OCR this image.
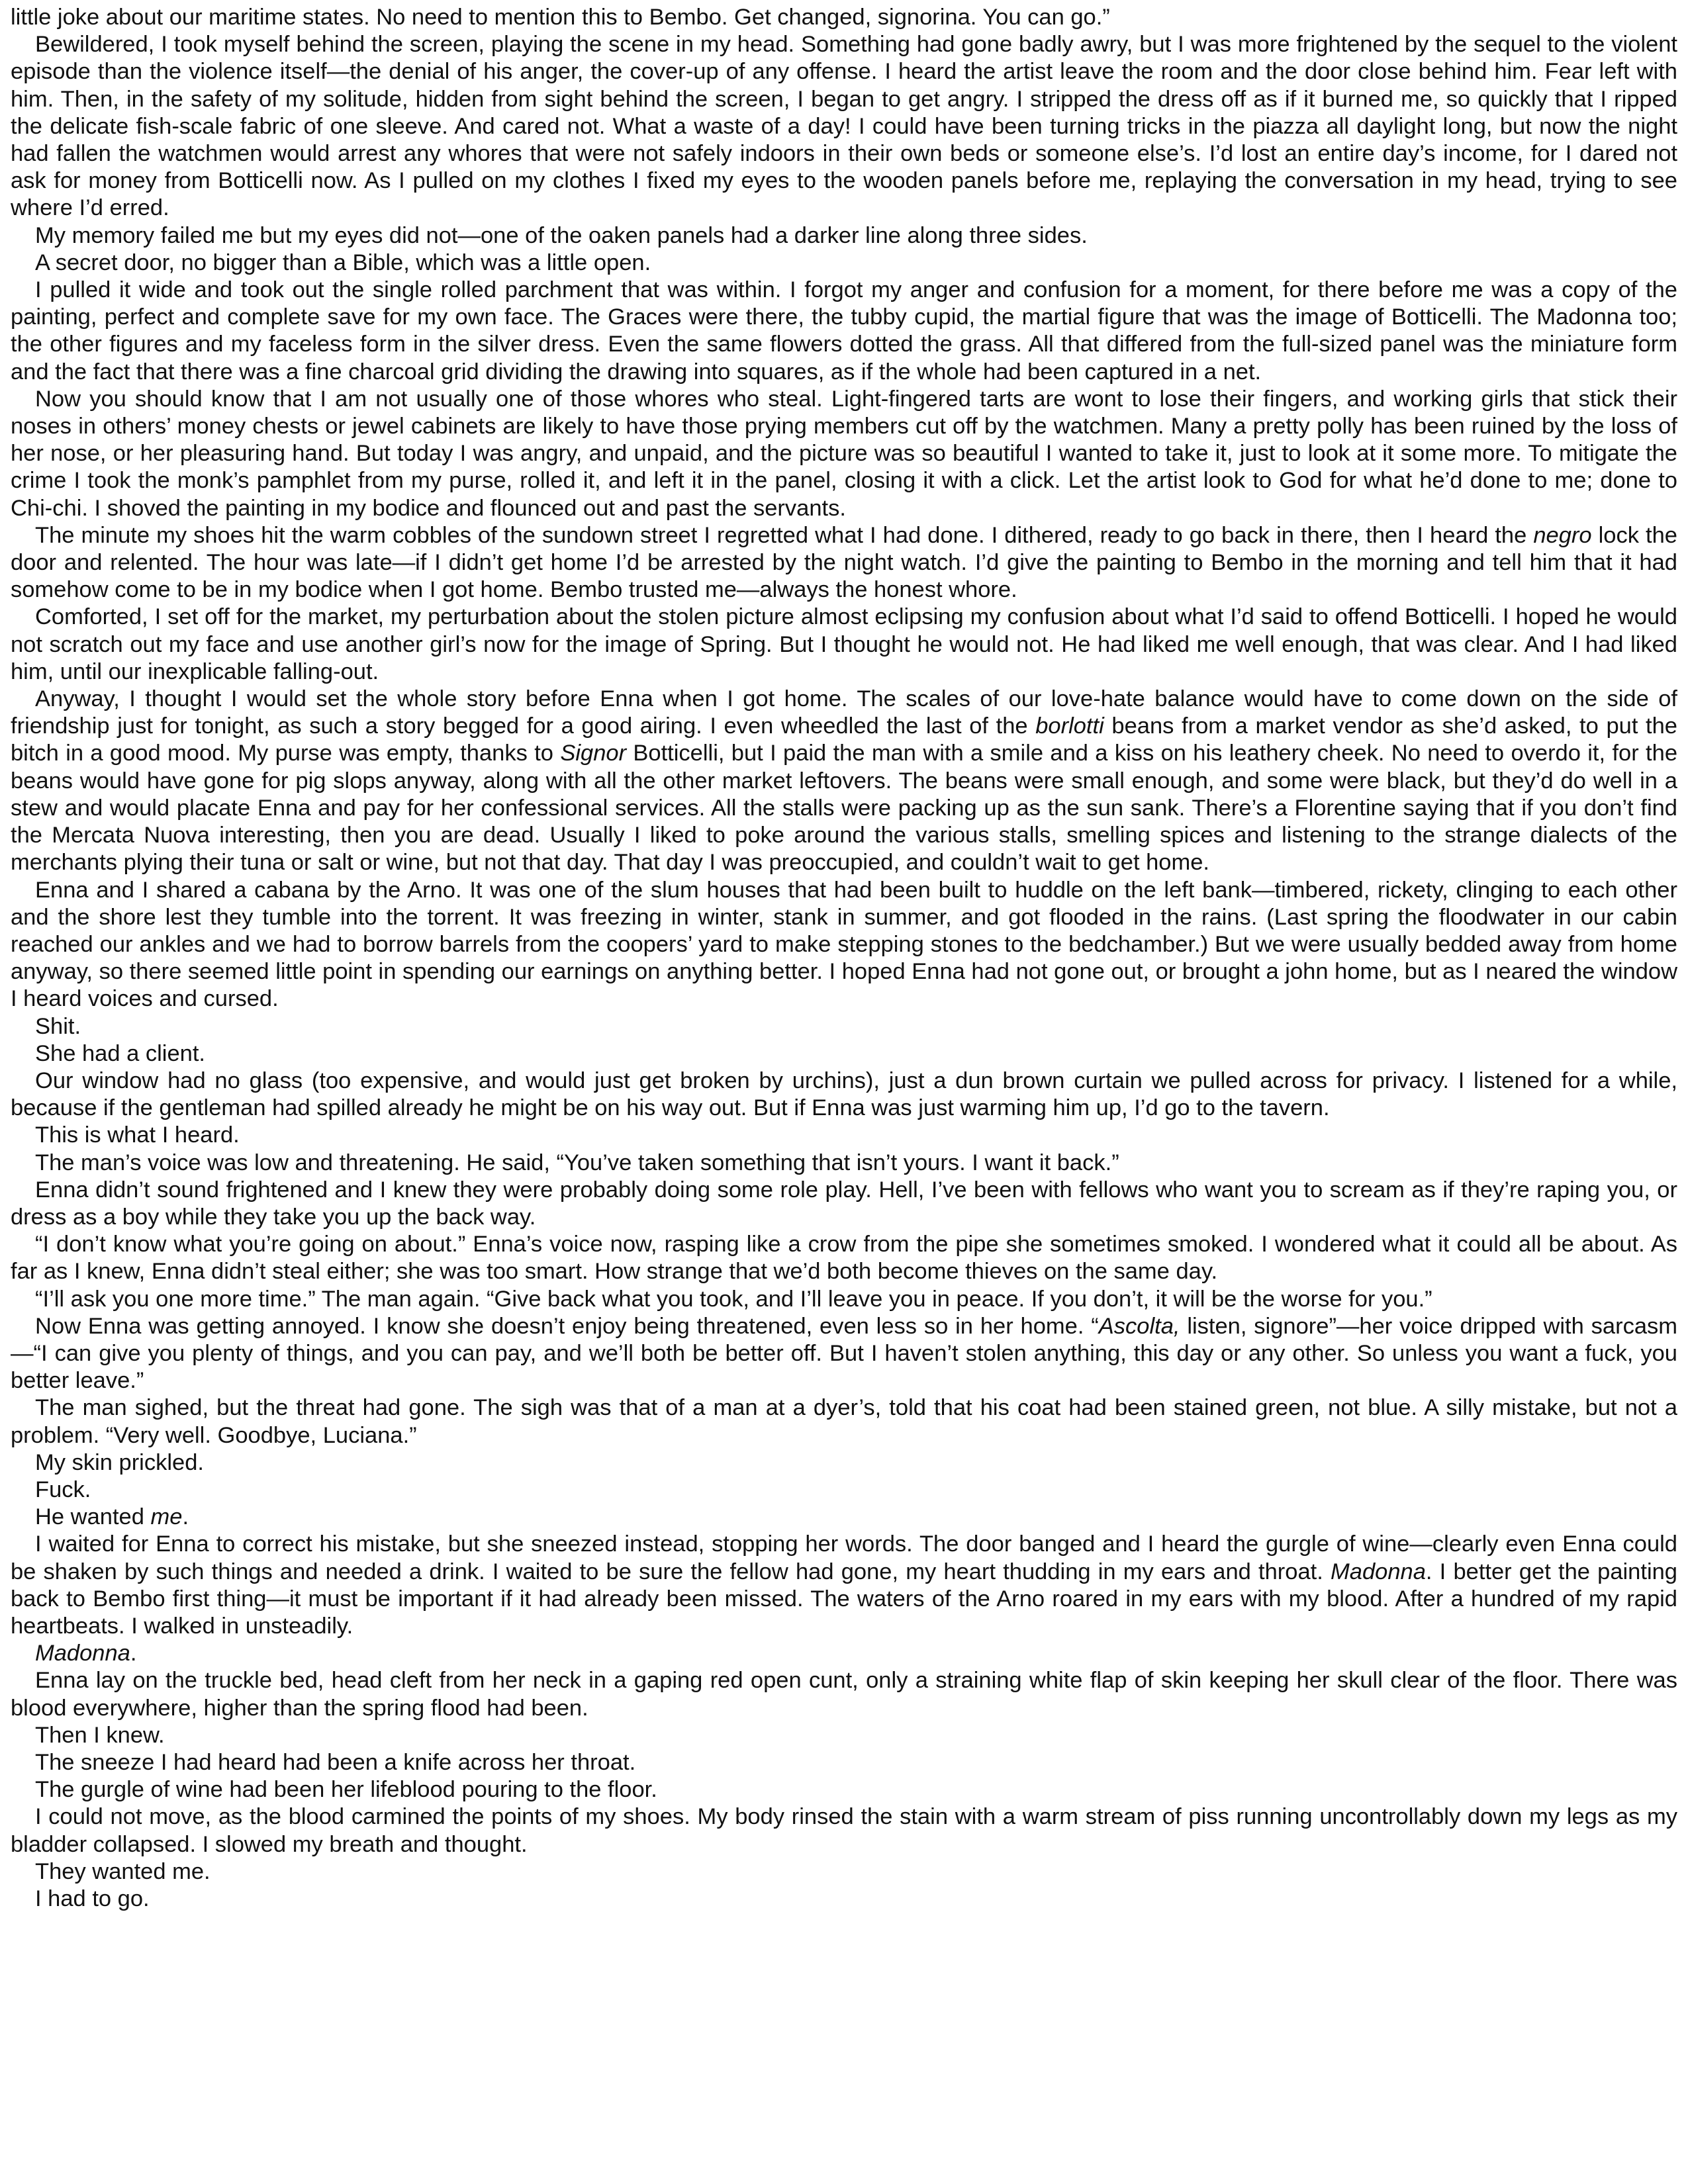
little joke about our maritime states. No need to mention this to Bembo. Get changed, signorina. You can go.”

Bewildered, I took myself behind the screen, playing the scene in my head. Something had gone badly awry, but I was more frightened by the sequel to the violent episode than the violence itself—the denial of his anger, the cover-up of any offense. I heard the artist leave the room and the door close behind him. Fear left with him. Then, in the safety of my solitude, hidden from sight behind the screen, I began to get angry. I stripped the dress off as if it burned me, so quickly that I ripped the delicate fish-scale fabric of one sleeve. And cared not. What a waste of a day! I could have been turning tricks in the piazza all daylight long, but now the night had fallen the watchmen would arrest any whores that were not safely indoors in their own beds or someone else’s. I’d lost an entire day’s income, for I dared not ask for money from Botticelli now. As I pulled on my clothes I fixed my eyes to the wooden panels before me, replaying the conversation in my head, trying to see where I’d erred.

My memory failed me but my eyes did not—one of the oaken panels had a darker line along three sides.

A secret door, no bigger than a Bible, which was a little open.

I pulled it wide and took out the single rolled parchment that was within. I forgot my anger and confusion for a moment, for there before me was a copy of the painting, perfect and complete save for my own face. The Graces were there, the tubby cupid, the martial figure that was the image of Botticelli. The Madonna too; the other figures and my faceless form in the silver dress. Even the same flowers dotted the grass. All that differed from the full-sized panel was the miniature form and the fact that there was a fine charcoal grid dividing the drawing into squares, as if the whole had been captured in a net.

Now you should know that I am not usually one of those whores who steal. Light-fingered tarts are wont to lose their fingers, and working girls that stick their noses in others’ money chests or jewel cabinets are likely to have those prying members cut off by the watchmen. Many a pretty polly has been ruined by the loss of her nose, or her pleasuring hand. But today I was angry, and unpaid, and the picture was so beautiful I wanted to take it, just to look at it some more. To mitigate the crime I took the monk’s pamphlet from my purse, rolled it, and left it in the panel, closing it with a click. Let the artist look to God for what he’d done to me; done to Chi-chi. I shoved the painting in my bodice and flounced out and past the servants.

The minute my shoes hit the warm cobbles of the sundown street I regretted what I had done. I dithered, ready to go back in there, then I heard the negro lock the door and relented. The hour was late—if I didn’t get home I’d be arrested by the night watch. I’d give the painting to Bembo in the morning and tell him that it had somehow come to be in my bodice when I got home. Bembo trusted me—always the honest whore.

Comforted, I set off for the market, my perturbation about the stolen picture almost eclipsing my confusion about what I’d said to offend Botticelli. I hoped he would not scratch out my face and use another girl’s now for the image of Spring. But I thought he would not. He had liked me well enough, that was clear. And I had liked him, until our inexplicable falling-out.

Anyway, I thought I would set the whole story before Enna when I got home. The scales of our love-hate balance would have to come down on the side of friendship just for tonight, as such a story begged for a good airing. I even wheedled the last of the borlotti beans from a market vendor as she’d asked, to put the bitch in a good mood. My purse was empty, thanks to Signor Botticelli, but I paid the man with a smile and a kiss on his leathery cheek. No need to overdo it, for the beans would have gone for pig slops anyway, along with all the other market leftovers. The beans were small enough, and some were black, but they’d do well in a stew and would placate Enna and pay for her confessional services. All the stalls were packing up as the sun sank. There’s a Florentine saying that if you don’t find the Mercata Nuova interesting, then you are dead. Usually I liked to poke around the various stalls, smelling spices and listening to the strange dialects of the merchants plying their tuna or salt or wine, but not that day. That day I was preoccupied, and couldn’t wait to get home.

Enna and I shared a cabana by the Arno. It was one of the slum houses that had been built to huddle on the left bank—timbered, rickety, clinging to each other and the shore lest they tumble into the torrent. It was freezing in winter, stank in summer, and got flooded in the rains. (Last spring the floodwater in our cabin reached our ankles and we had to borrow barrels from the coopers’ yard to make stepping stones to the bedchamber.) But we were usually bedded away from home anyway, so there seemed little point in spending our earnings on anything better. I hoped Enna had not gone out, or brought a john home, but as I neared the window I heard voices and cursed.

Shit.

She had a client.

Our window had no glass (too expensive, and would just get broken by urchins), just a dun brown curtain we pulled across for privacy. I listened for a while, because if the gentleman had spilled already he might be on his way out. But if Enna was just warming him up, I’d go to the tavern.

This is what I heard.

The man’s voice was low and threatening. He said, “You’ve taken something that isn’t yours. I want it back.”

Enna didn’t sound frightened and I knew they were probably doing some role play. Hell, I’ve been with fellows who want you to scream as if they’re raping you, or dress as a boy while they take you up the back way.

“I don’t know what you’re going on about.” Enna’s voice now, rasping like a crow from the pipe she sometimes smoked. I wondered what it could all be about. As far as I knew, Enna didn’t steal either; she was too smart. How strange that we’d both become thieves on the same day.

“I’ll ask you one more time.” The man again. “Give back what you took, and I’ll leave you in peace. If you don’t, it will be the worse for you.”

Now Enna was getting annoyed. I know she doesn’t enjoy being threatened, even less so in her home. “Ascolta, listen, signore”—her voice dripped with sarcasm—“I can give you plenty of things, and you can pay, and we’ll both be better off. But I haven’t stolen anything, this day or any other. So unless you want a fuck, you better leave.”

The man sighed, but the threat had gone. The sigh was that of a man at a dyer’s, told that his coat had been stained green, not blue. A silly mistake, but not a problem. “Very well. Goodbye, Luciana.”

My skin prickled.

Fuck.

He wanted me.

I waited for Enna to correct his mistake, but she sneezed instead, stopping her words. The door banged and I heard the gurgle of wine—clearly even Enna could be shaken by such things and needed a drink. I waited to be sure the fellow had gone, my heart thudding in my ears and throat. Madonna. I better get the painting back to Bembo first thing—it must be important if it had already been missed. The waters of the Arno roared in my ears with my blood. After a hundred of my rapid heartbeats. I walked in unsteadily.

Madonna.

Enna lay on the truckle bed, head cleft from her neck in a gaping red open cunt, only a straining white flap of skin keeping her skull clear of the floor. There was blood everywhere, higher than the spring flood had been.

Then I knew.

The sneeze I had heard had been a knife across her throat.

The gurgle of wine had been her lifeblood pouring to the floor.

I could not move, as the blood carmined the points of my shoes. My body rinsed the stain with a warm stream of piss running uncontrollably down my legs as my bladder collapsed. I slowed my breath and thought.

They wanted me.

I had to go.
